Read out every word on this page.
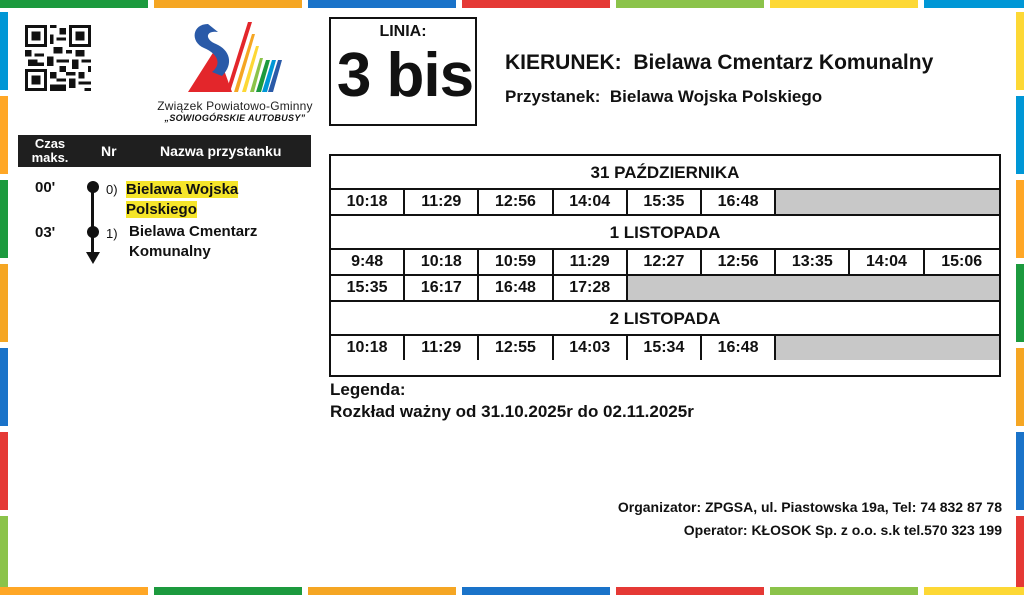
Związek Powiatowo-Gminny
„SOWIOGÓRSKIE AUTOBUSY”
Czas maks. Nr	Nazwa przystanku
00'	0) Bielawa Wojska
Polskiego
03'	1) Bielawa Cmentarz
Komunalny
LINIA:
3 bis	KIERUNEK: Bielawa Cmentarz Komunalny
Przystanek: Bielawa Wojska Polskiego
31 PAŹDZIERNIKA
10:18	11:29	12:56	14:04	15:35	16:48
1 LISTOPADA
9:48	10:18	10:59	11:29	12:27	12:56	13:35	14:04	15:06
15:35	16:17	16:48	17:28
2 LISTOPADA
10:18	11:29	12:55	14:03	15:34	16:48
Legenda:
Rozkład ważny od 31.10.2025r do 02.11.2025r
Organizator: ZPGSA, ul. Piastowska 19a, Tel: 74 832 87 78
Operator: KŁOSOK Sp. z o.o. s.k tel.570 323 199
